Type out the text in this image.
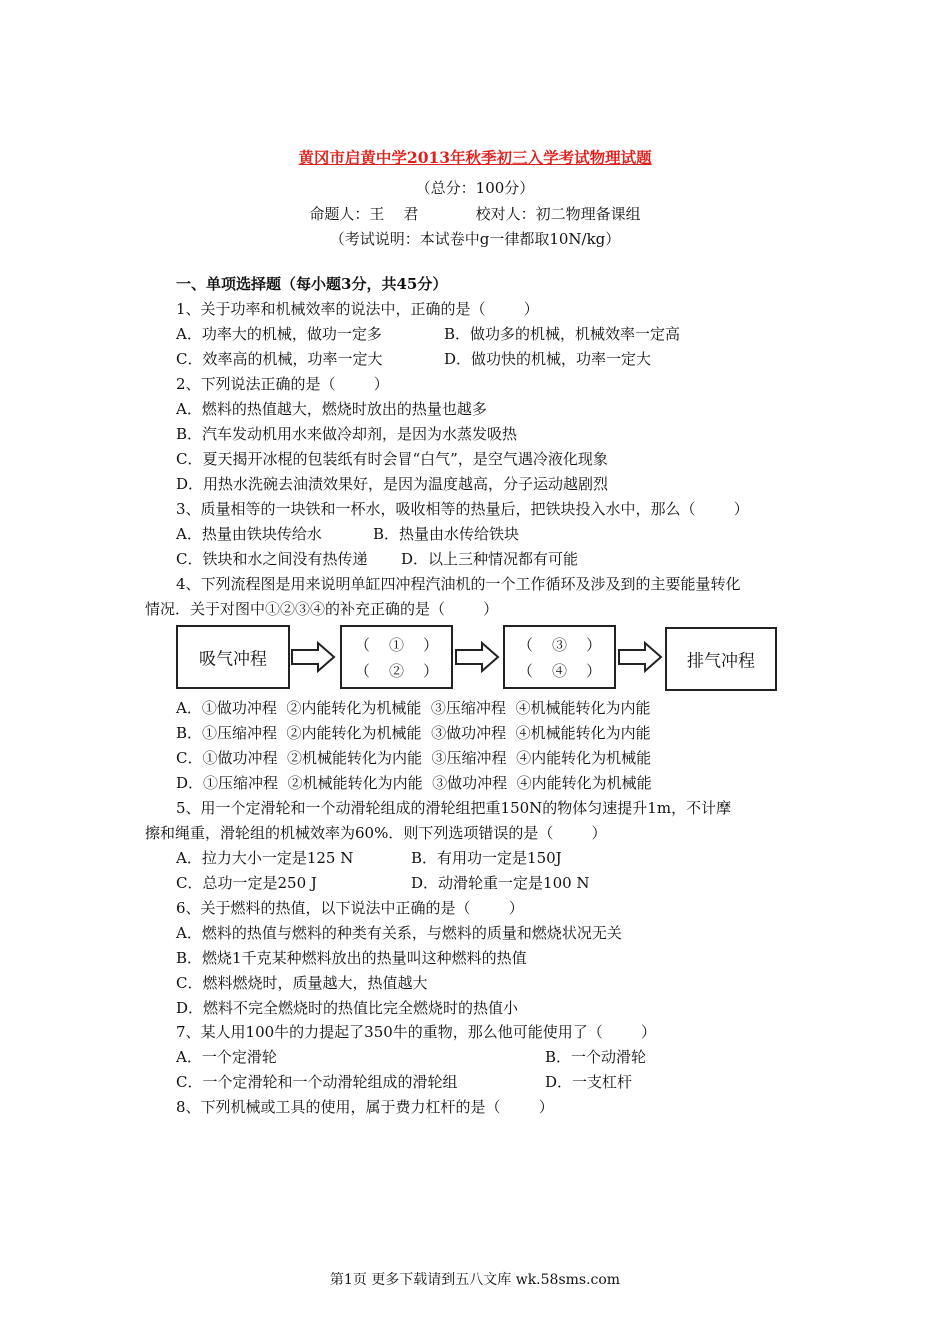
黄冈市启黄中学2013年秋季初三入学考试物理试题
（总分：100分）
命题人：王    君            校对人：初二物理备课组
（考试说明：本试卷中g一律都取10N/kg）
一、单项选择题（每小题3分，共45分）
1、关于功率和机械效率的说法中，正确的是（        ）
A．功率大的机械，做功一定多	B．做功多的机械，机械效率一定高
C．效率高的机械，功率一定大	D．做功快的机械，功率一定大
2、下列说法正确的是（        ）
A．燃料的热值越大，燃烧时放出的热量也越多
B．汽车发动机用水来做冷却剂，是因为水蒸发吸热
C．夏天揭开冰棍的包装纸有时会冒“白气”，是空气遇冷液化现象
D．用热水洗碗去油渍效果好，是因为温度越高，分子运动越剧烈
3、质量相等的一块铁和一杯水，吸收相等的热量后，把铁块投入水中，那么（        ）
A．热量由铁块传给水	B．热量由水传给铁块
C．铁块和水之间没有热传递 D．以上三种情况都有可能
4、下列流程图是用来说明单缸四冲程汽油机的一个工作循环及涉及到的主要能量转化
情况．关于对图中①②③④的补充正确的是（        ）
吸气冲程
（    ①    ）
（    ②    ）
（    ③    ）
（    ④    ）	排气冲程
A．①做功冲程  ②内能转化为机械能  ③压缩冲程  ④机械能转化为内能
B．①压缩冲程  ②内能转化为机械能  ③做功冲程  ④机械能转化为内能
C．①做功冲程  ②机械能转化为内能  ③压缩冲程  ④内能转化为机械能
D．①压缩冲程  ②机械能转化为内能  ③做功冲程  ④内能转化为机械能
5、用一个定滑轮和一个动滑轮组成的滑轮组把重150N的物体匀速提升1m，不计摩
擦和绳重，滑轮组的机械效率为60%．则下列选项错误的是（        ）
A．拉力大小一定是125 N	B．有用功一定是150J
C．总功一定是250 J	D．动滑轮重一定是100 N
6、关于燃料的热值，以下说法中正确的是（        ）
A．燃料的热值与燃料的种类有关系，与燃料的质量和燃烧状况无关
B．燃烧1千克某种燃料放出的热量叫这种燃料的热值
C．燃料燃烧时，质量越大，热值越大
D．燃料不完全燃烧时的热值比完全燃烧时的热值小
7、某人用100牛的力提起了350牛的重物，那么他可能使用了（        ）
A．一个定滑轮	B．一个动滑轮
C．一个定滑轮和一个动滑轮组成的滑轮组	D．一支杠杆
8、下列机械或工具的使用，属于费力杠杆的是（        ）
第1页 更多下载请到五八文库 wk.58sms.com
